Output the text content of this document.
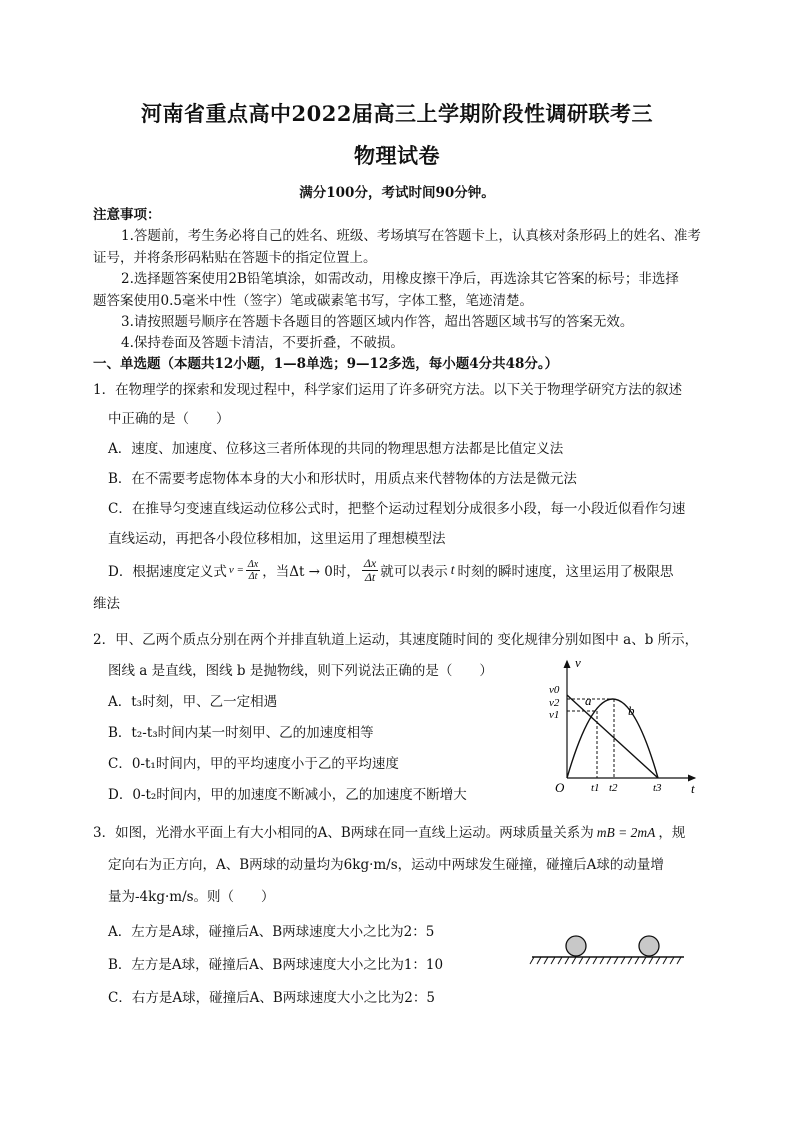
河南省重点高中2022届高三上学期阶段性调研联考三
物理试卷
满分100分，考试时间90分钟。
注意事项：
1.答题前，考生务必将自己的姓名、班级、考场填写在答题卡上，认真核对条形码上的姓名、准考
证号，并将条形码粘贴在答题卡的指定位置上。
2.选择题答案使用2B铅笔填涂，如需改动，用橡皮擦干净后，再选涂其它答案的标号；非选择
题答案使用0.5毫米中性（签字）笔或碳素笔书写，字体工整，笔迹清楚。
3.请按照题号顺序在答题卡各题目的答题区域内作答，超出答题区域书写的答案无效。
4.保持卷面及答题卡清洁，不要折叠，不破损。
一、单选题（本题共12小题，1—8单选；9—12多选，每小题4分共48分。）
1．在物理学的探索和发现过程中，科学家们运用了许多研究方法。以下关于物理学研究方法的叙述
中正确的是（　　）
A．速度、加速度、位移这三者所体现的共同的物理思想方法都是比值定义法
B．在不需要考虑物体本身的大小和形状时，用质点来代替物体的方法是微元法
C．在推导匀变速直线运动位移公式时，把整个运动过程划分成很多小段，每一小段近似看作匀速
直线运动，再把各小段位移相加，这里运用了理想模型法
D．根据速度定义式 $v = \frac{\Delta x}{\Delta t}$ ，当Δt → 0时， $\frac{\Delta x}{\Delta t}$ 就可以表示 t 时刻的瞬时速度，这里运用了极限思
维法
2．甲、乙两个质点分别在两个并排直轨道上运动，其速度随时间的 变化规律分别如图中 a、b 所示，
图线 a 是直线，图线 b 是抛物线，则下列说法正确的是（　　）
A．t₃时刻，甲、乙一定相遇
B．t₂-t₃时间内某一时刻甲、乙的加速度相等
C．0-t₁时间内，甲的平均速度小于乙的平均速度
D．0-t₂时间内，甲的加速度不断减小，乙的加速度不断增大
v
t
O
v0
v2
v1
t1 t2	t3
a
b
3．如图，光滑水平面上有大小相同的A、B两球在同一直线上运动。两球质量关系为 mB = 2mA ，规
定向右为正方向，A、B两球的动量均为6kg·m/s，运动中两球发生碰撞，碰撞后A球的动量增
量为-4kg·m/s。则（　　）
A．左方是A球，碰撞后A、B两球速度大小之比为2：5
B．左方是A球，碰撞后A、B两球速度大小之比为1：10
C．右方是A球，碰撞后A、B两球速度大小之比为2：5
